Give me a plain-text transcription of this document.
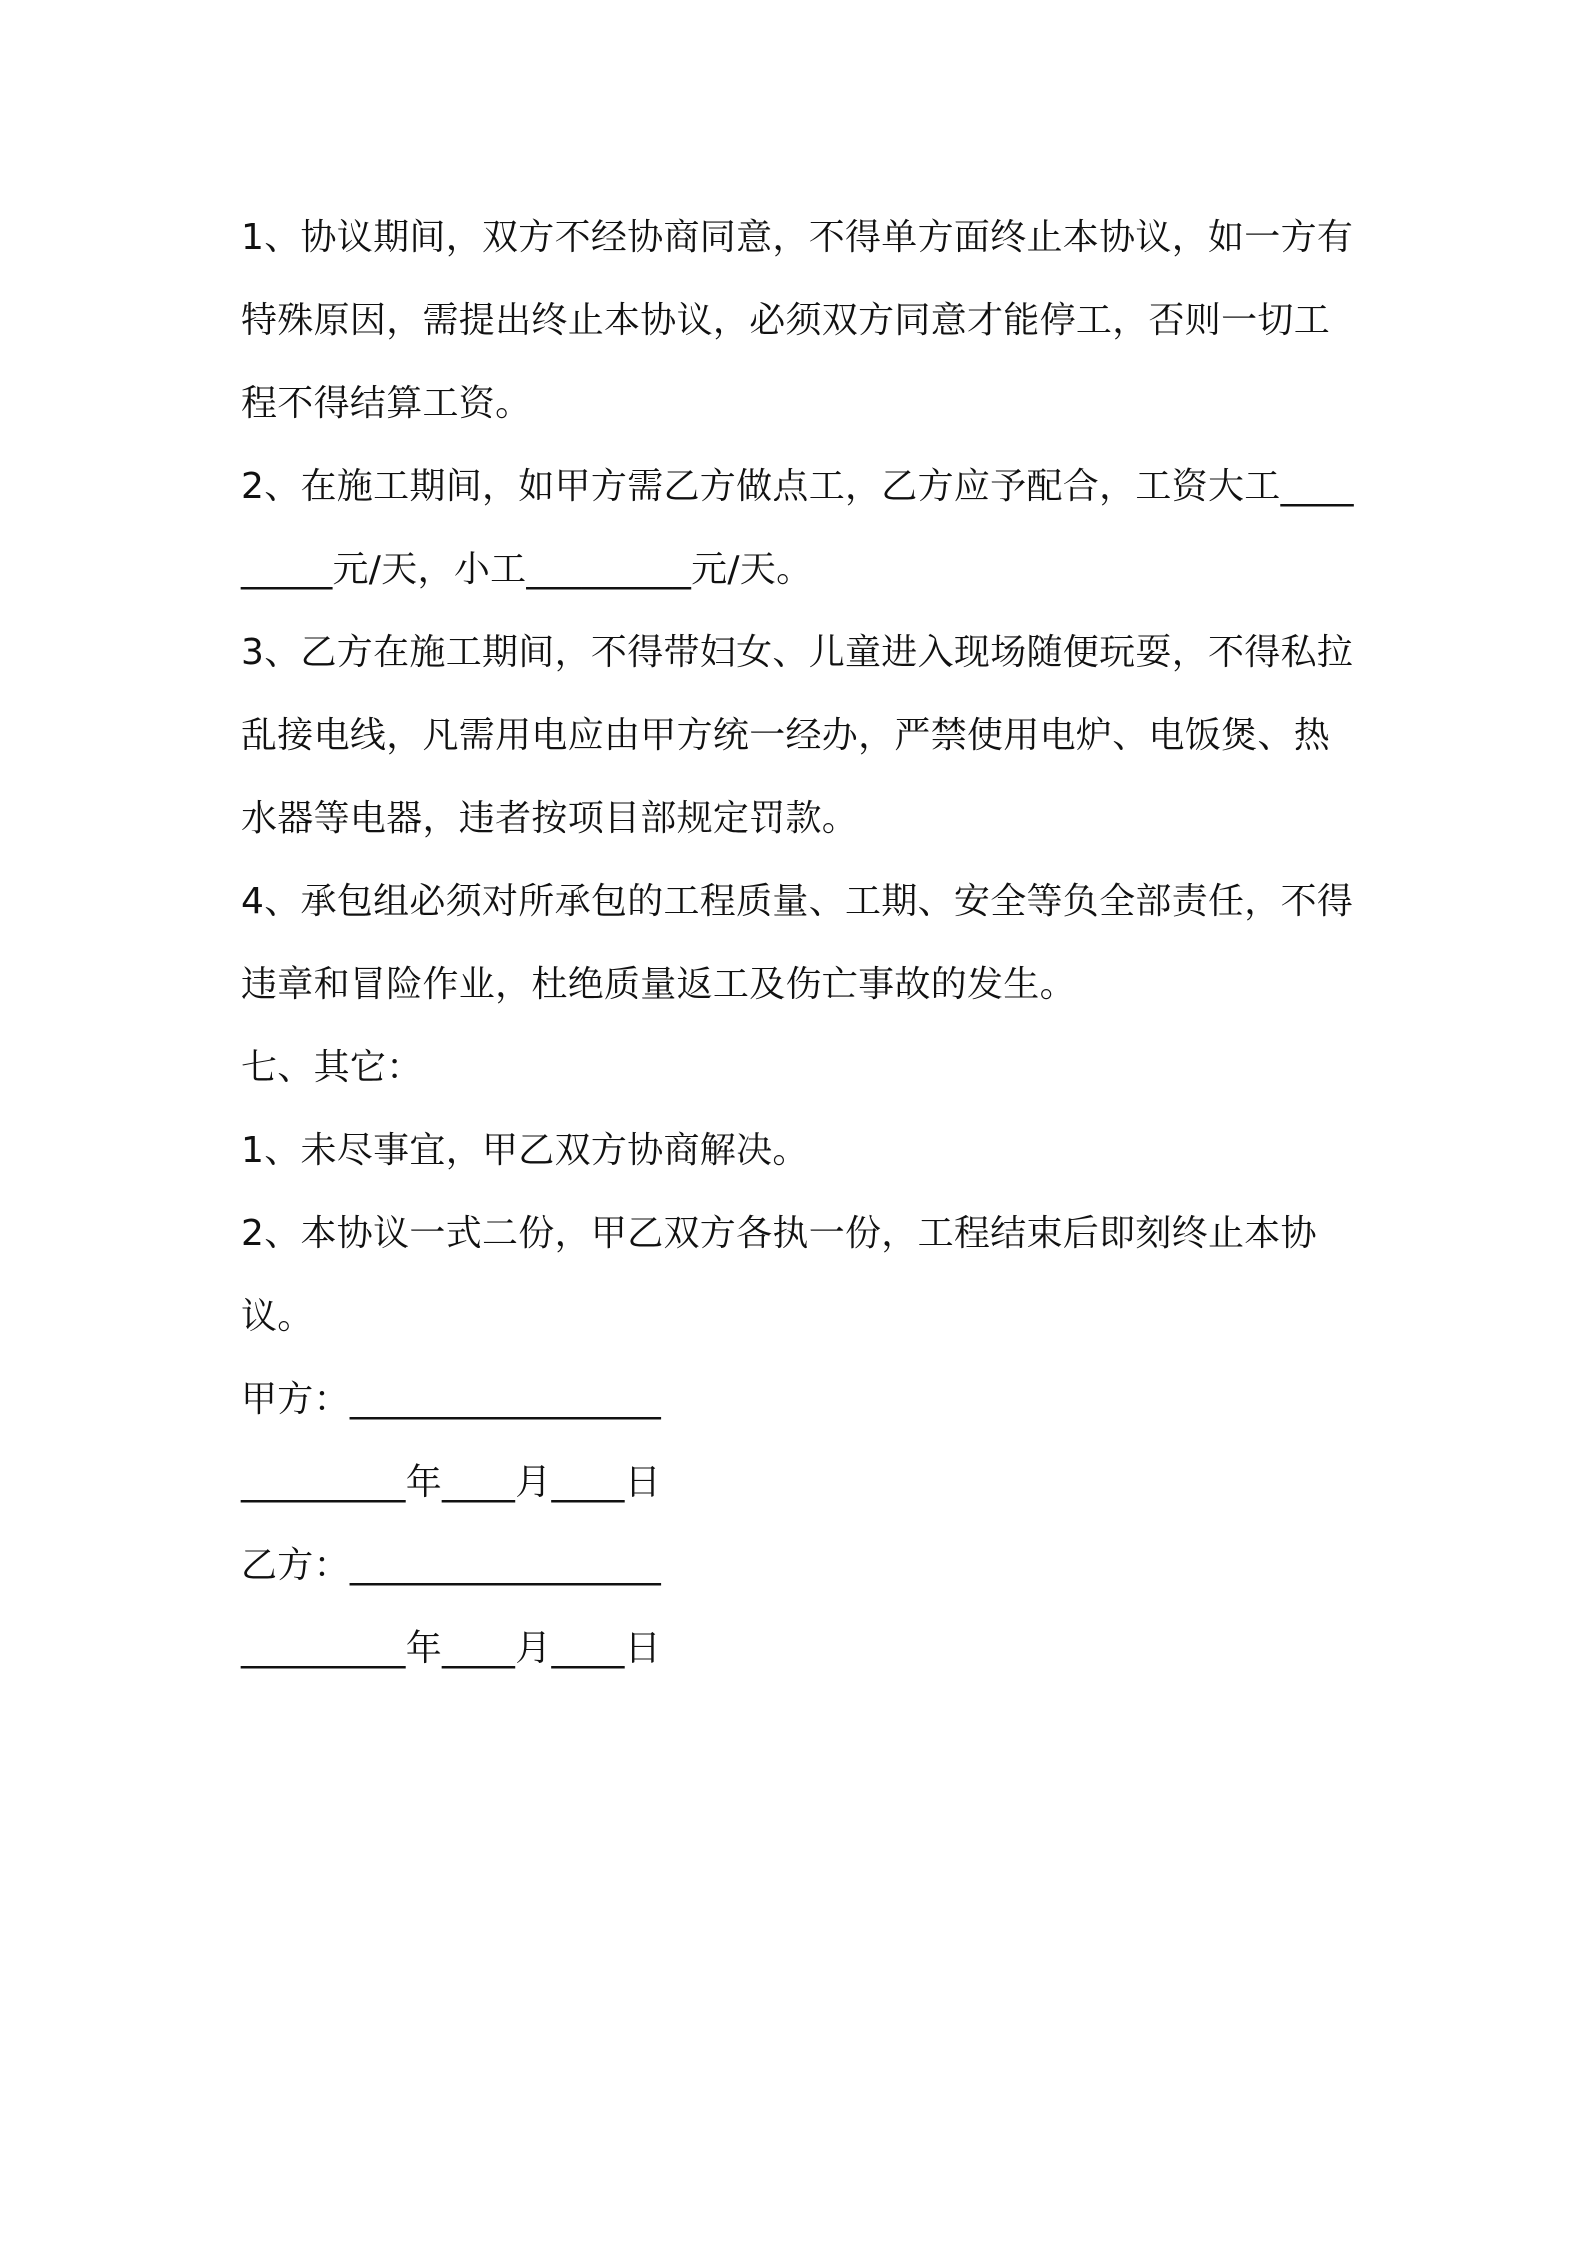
1、协议期间，双方不经协商同意，不得单方面终止本协议，如一方有特殊原因，需提出终止本协议，必须双方同意才能停工，否则一切工程不得结算工资。

2、在施工期间，如甲方需乙方做点工，乙方应予配合，工资大工_________元/天，小工_________元/天。

3、乙方在施工期间，不得带妇女、儿童进入现场随便玩耍，不得私拉乱接电线，凡需用电应由甲方统一经办，严禁使用电炉、电饭煲、热水器等电器，违者按项目部规定罚款。

4、承包组必须对所承包的工程质量、工期、安全等负全部责任，不得违章和冒险作业，杜绝质量返工及伤亡事故的发生。

七、其它：

1、未尽事宜，甲乙双方协商解决。

2、本协议一式二份，甲乙双方各执一份，工程结束后即刻终止本协议。

甲方：_________________

_________年____月____日

乙方：_________________

_________年____月____日
